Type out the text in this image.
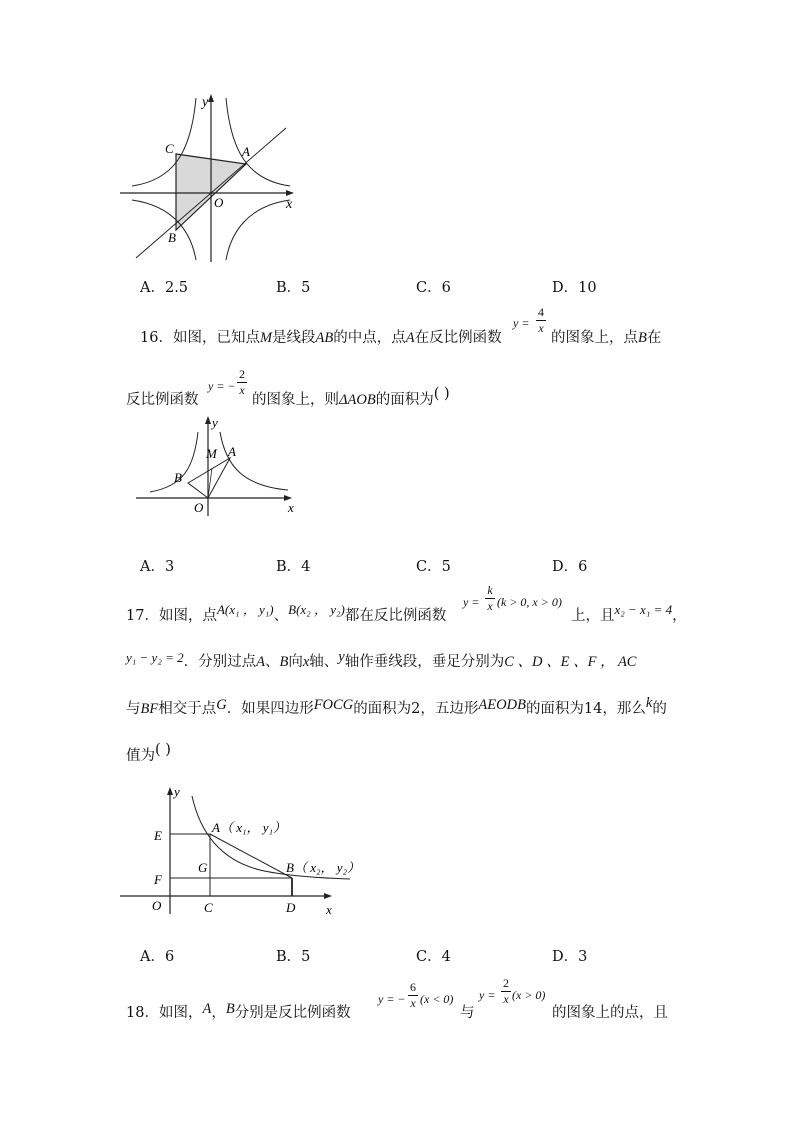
y
x
O
A
B
C
A．2.5	B．5	C．6	D．10
16．如图，已知点M是线段AB的中点，点A在反比例函数
y =
4
x
的图象上，点B在
反比例函数
y = −
2
x
的图象上，则ΔAOB的面积为( )
y
x
O
M A
B
A．3	B．4	C．5	D．6
17．如图，点A(x₁ ， y₁)、B(x₂ ， y₂)都在反比例函数
y =
k
x (k > 0, x > 0)
上，且x₂ − x₁ = 4，
y₁ − y₂ = 2．分别过点A、B向x轴、y轴作垂线段，垂足分别为C 、D 、E 、F ， AC
与BF相交于点G．如果四边形FOCG的面积为2，五边形AEODB的面积为14，那么k的
值为( )
y
x
O
E
F
G
C	D
A（ x₁， y₁）
B（ x₂， y₂）
A．6	B．5	C．4	D．3
18．如图，A，B分别是反比例函数
y = −
6
x (x < 0)
与
y =
2
x (x > 0)
的图象上的点，且
